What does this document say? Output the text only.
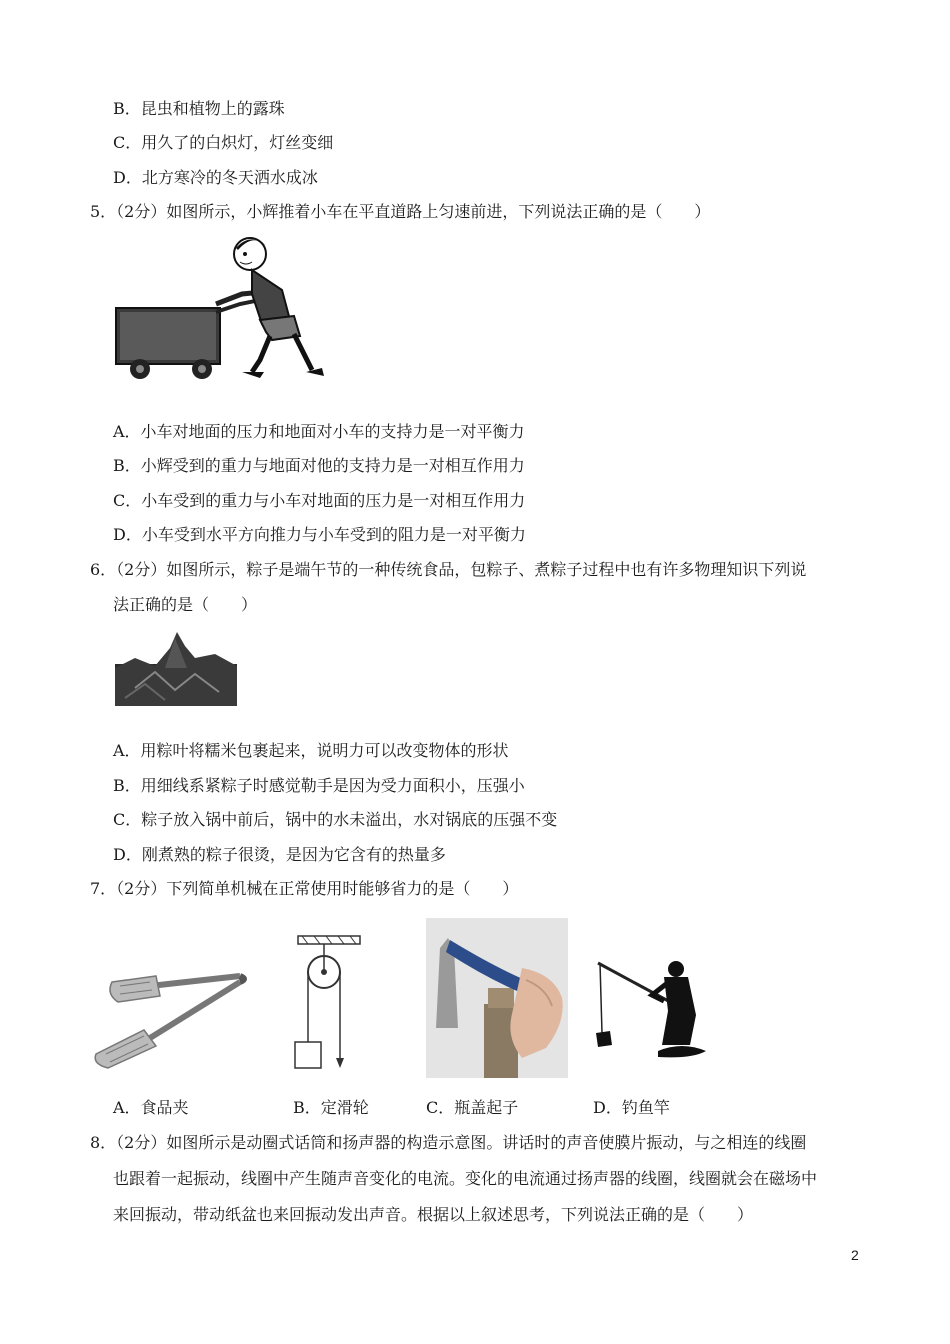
B．昆虫和植物上的露珠
C．用久了的白炽灯，灯丝变细
D．北方寒冷的冬天洒水成冰
5．（2分）如图所示，小辉推着小车在平直道路上匀速前进，下列说法正确的是（　　）
A．小车对地面的压力和地面对小车的支持力是一对平衡力
B．小辉受到的重力与地面对他的支持力是一对相互作用力
C．小车受到的重力与小车对地面的压力是一对相互作用力
D．小车受到水平方向推力与小车受到的阻力是一对平衡力
6．（2分）如图所示，粽子是端午节的一种传统食品，包粽子、煮粽子过程中也有许多物理知识下列说
法正确的是（　　）
A．用粽叶将糯米包裹起来，说明力可以改变物体的形状
B．用细线系紧粽子时感觉勒手是因为受力面积小，压强小
C．粽子放入锅中前后，锅中的水未溢出，水对锅底的压强不变
D．刚煮熟的粽子很烫，是因为它含有的热量多
7．（2分）下列简单机械在正常使用时能够省力的是（　　）
A．食品夹	B．定滑轮	C．瓶盖起子	D．钓鱼竿
8．（2分）如图所示是动圈式话筒和扬声器的构造示意图。讲话时的声音使膜片振动，与之相连的线圈
也跟着一起振动，线圈中产生随声音变化的电流。变化的电流通过扬声器的线圈，线圈就会在磁场中
来回振动，带动纸盆也来回振动发出声音。根据以上叙述思考，下列说法正确的是（　　）
2
